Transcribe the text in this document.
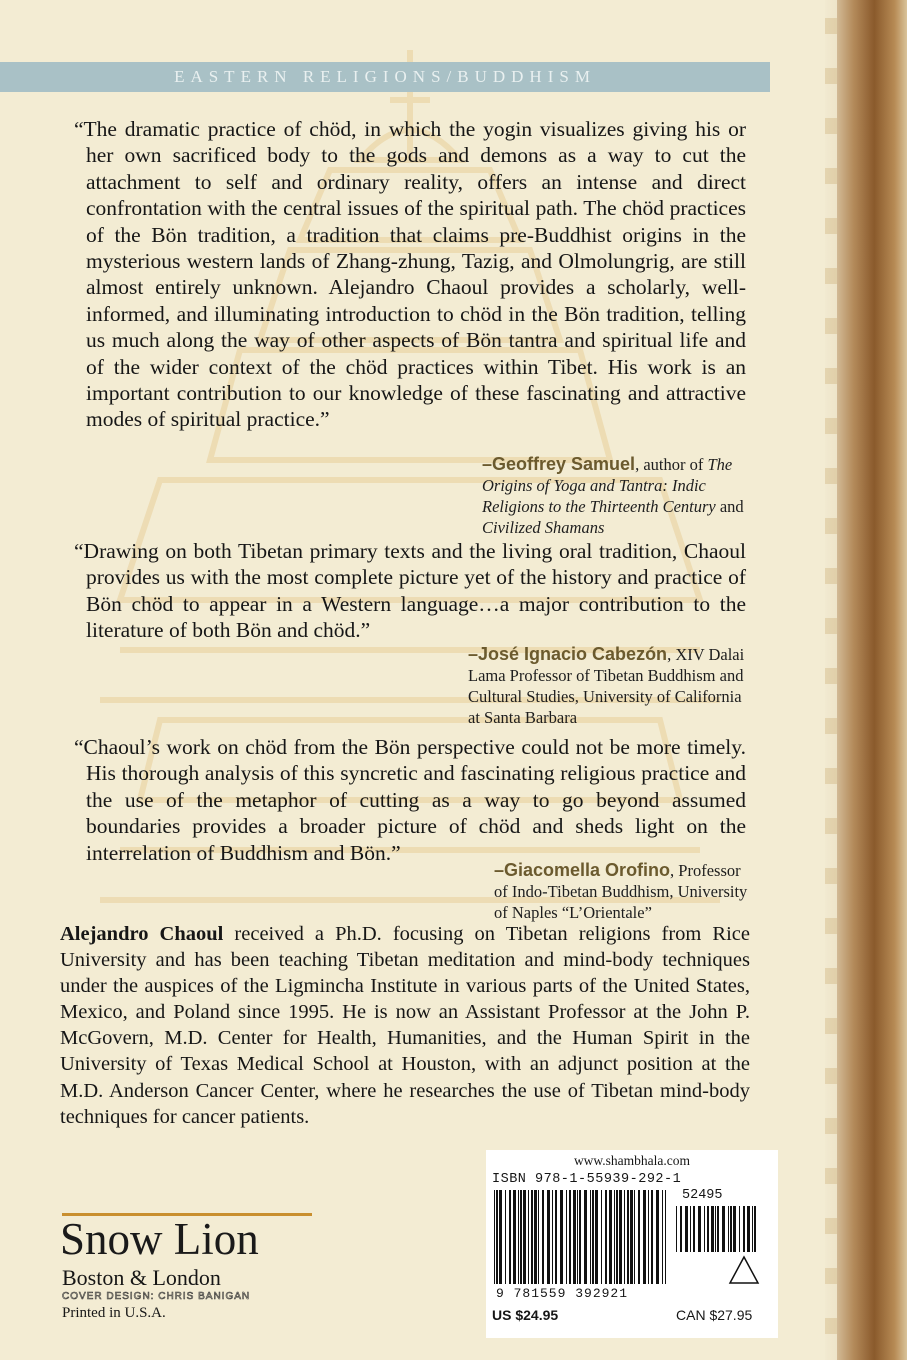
EASTERN RELIGIONS/BUDDHISM

“The dramatic practice of chöd, in which the yogin visualizes giving his or her own sacrificed body to the gods and demons as a way to cut the attachment to self and ordinary reality, offers an intense and direct confrontation with the central issues of the spiritual path. The chöd practices of the Bön tradition, a tradition that claims pre-Buddhist origins in the mysterious western lands of Zhang-zhung, Tazig, and Olmolungrig, are still almost entirely unknown. Alejandro Chaoul provides a scholarly, well-informed, and illuminating introduction to chöd in the Bön tradition, telling us much along the way of other aspects of Bön tantra and spiritual life and of the wider context of the chöd practices within Tibet. His work is an important contribution to our knowledge of these fascinating and attractive modes of spiritual practice.”

–Geoffrey Samuel, author of The Origins of Yoga and Tantra: Indic Religions to the Thirteenth Century and Civilized Shamans

“Drawing on both Tibetan primary texts and the living oral tradition, Chaoul provides us with the most complete picture yet of the history and practice of Bön chöd to appear in a Western language…a major contribution to the literature of both Bön and chöd.”

–José Ignacio Cabezón, XIV Dalai Lama Professor of Tibetan Buddhism and Cultural Studies, University of California at Santa Barbara

“Chaoul’s work on chöd from the Bön perspective could not be more timely. His thorough analysis of this syncretic and fascinating religious practice and the use of the metaphor of cutting as a way to go beyond assumed boundaries provides a broader picture of chöd and sheds light on the interrelation of Buddhism and Bön.”

–Giacomella Orofino, Professor of Indo-Tibetan Buddhism, University of Naples “L’Orientale”

Alejandro Chaoul received a Ph.D. focusing on Tibetan religions from Rice University and has been teaching Tibetan meditation and mind-body techniques under the auspices of the Ligmincha Institute in various parts of the United States, Mexico, and Poland since 1995. He is now an Assistant Professor at the John P. McGovern, M.D. Center for Health, Humanities, and the Human Spirit in the University of Texas Medical School at Houston, with an adjunct position at the M.D. Anderson Cancer Center, where he researches the use of Tibetan mind-body techniques for cancer patients.

Snow Lion
Boston & London
COVER DESIGN: CHRIS BANIGAN
Printed in U.S.A.
www.shambhala.com
ISBN 978-1-55939-292-1
52495
9 781559 392921
US $24.95	CAN $27.95
